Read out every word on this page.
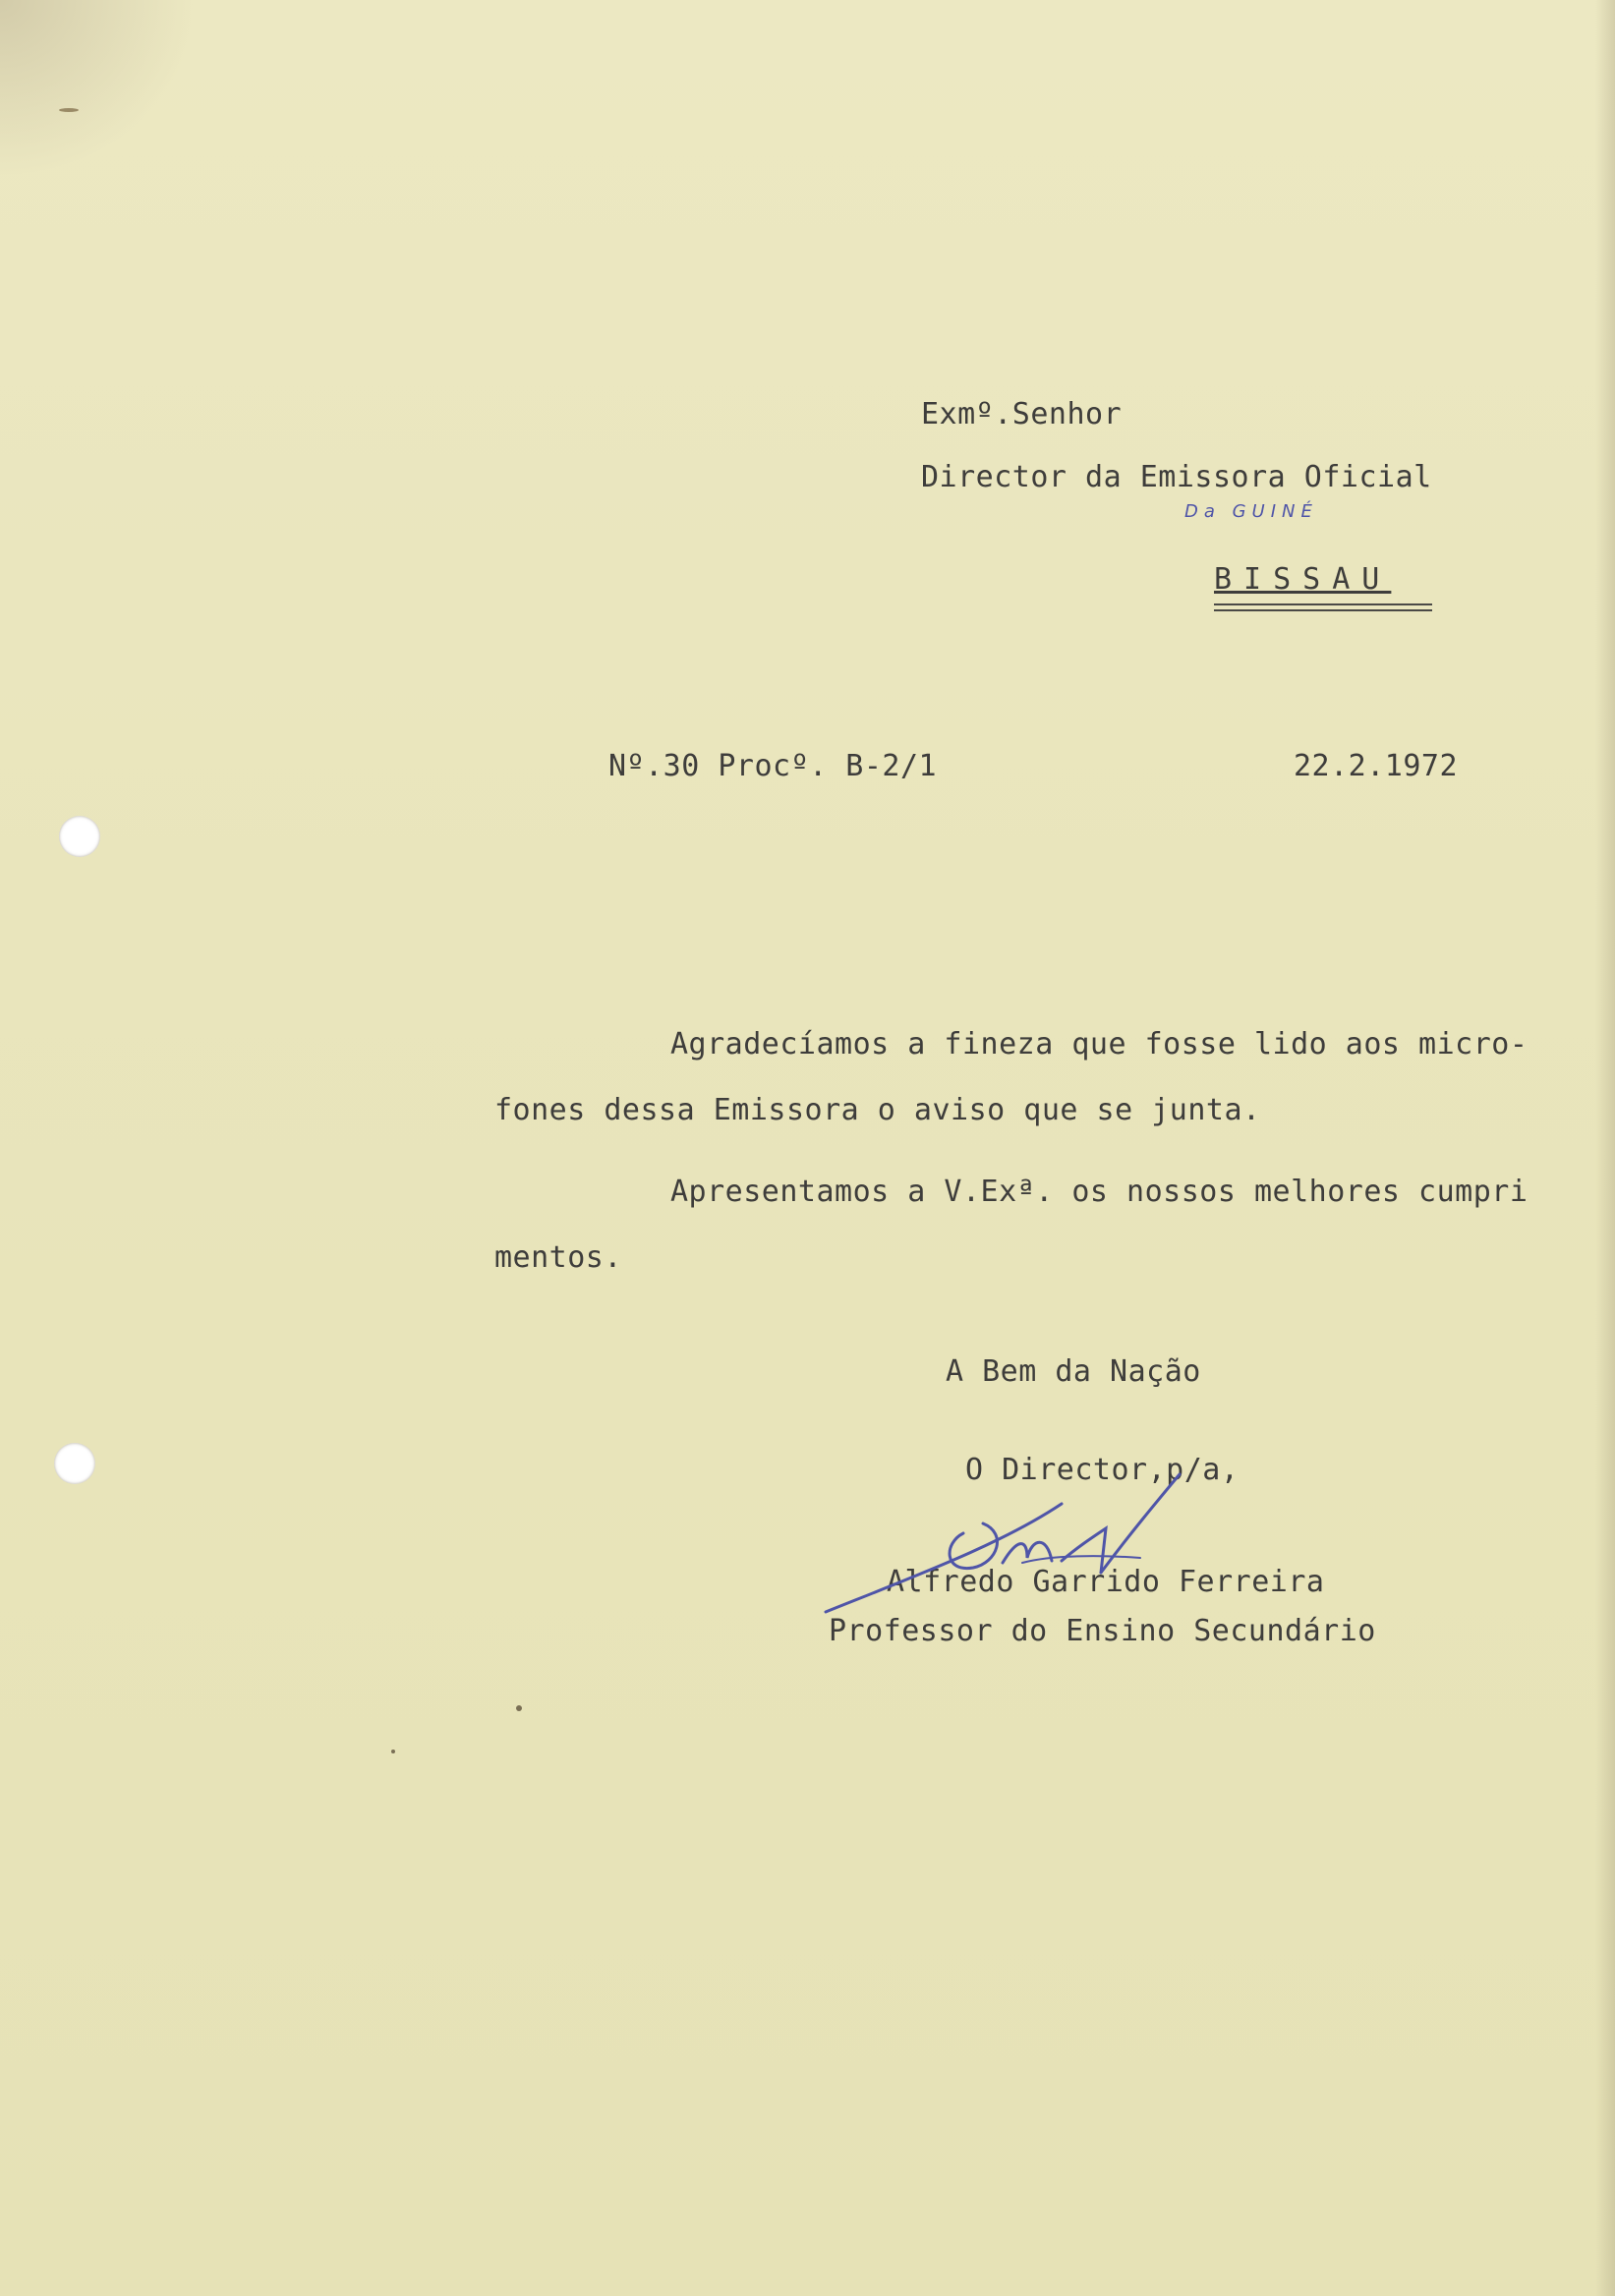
Exmº.Senhor
Director da Emissora Oficial
Da GUINÉ
BISSAU
Nº.30 Procº. B-2/1	22.2.1972
Agradecíamos a fineza que fosse lido aos micro-
fones dessa Emissora o aviso que se junta.
Apresentamos a V.Exª. os nossos melhores cumpri
mentos.
A Bem da Nação
O Director,p/a,
Alfredo Garrido Ferreira
Professor do Ensino Secundário
